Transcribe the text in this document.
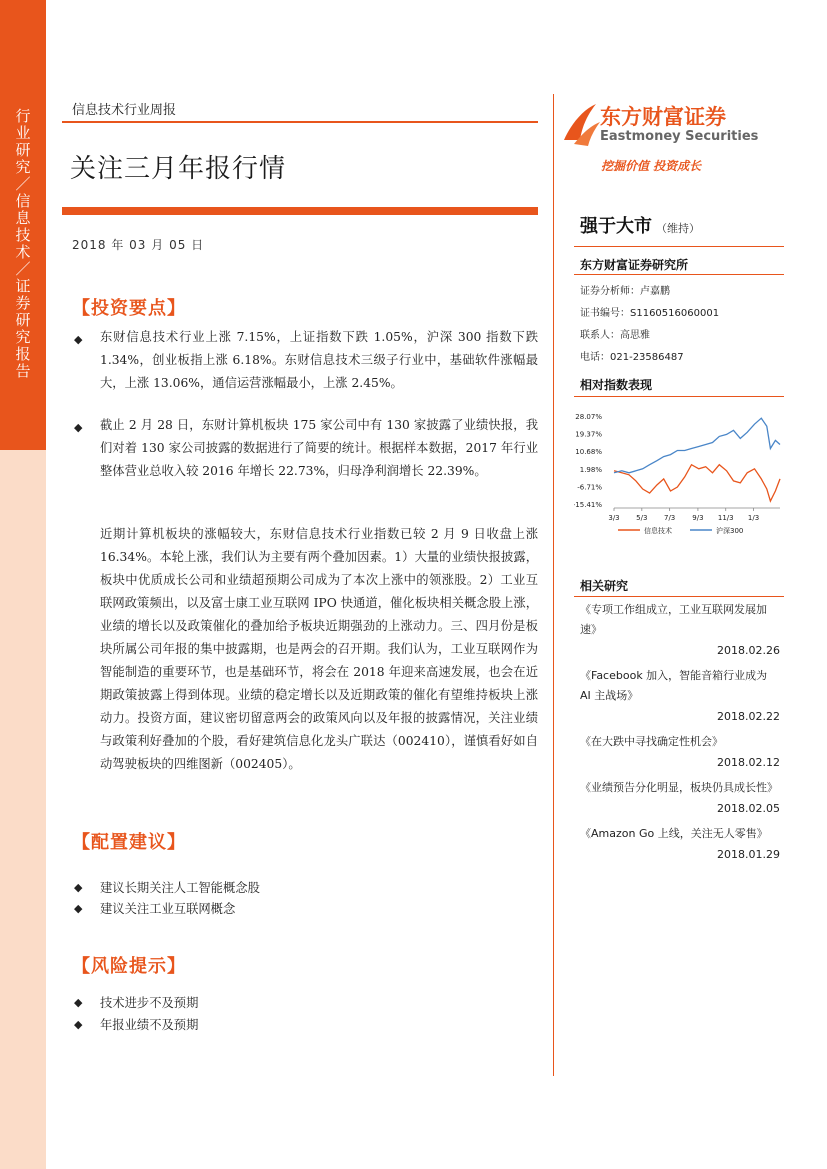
行
业
研
究
／
信
息
技
术
／
证
券
研
究
报
告
信息技术行业周报
关注三月年报行情
2018 年 03 月 05 日
东方财富证券
Eastmoney Securities
挖掘价值 投资成长
强于大市 （维持）
东方财富证券研究所
证券分析师：卢嘉鹏
证书编号：S1160516060001
联系人：高思雅
电话：021-23586487
相对指数表现
28.07%
19.37%
10.68%
1.98%
-6.71%
-15.41%
3/3 5/3 7/3 9/3 11/3 1/3
信息技术	沪深300
相关研究
《专项工作组成立，工业互联网发展加速》
2018.02.26
《Facebook 加入，智能音箱行业成为 AI 主战场》
2018.02.22
《在大跌中寻找确定性机会》
2018.02.12
《业绩预告分化明显，板块仍具成长性》
2018.02.05
《Amazon Go 上线，关注无人零售》
2018.01.29
【投资要点】
◆ 东财信息技术行业上涨 7.15%，上证指数下跌 1.05%，沪深 300 指数下跌 1.34%，创业板指上涨 6.18%。东财信息技术三级子行业中，基础软件涨幅最大，上涨 13.06%，通信运营涨幅最小，上涨 2.45%。
◆ 截止 2 月 28 日，东财计算机板块 175 家公司中有 130 家披露了业绩快报，我们对着 130 家公司披露的数据进行了简要的统计。根据样本数据，2017 年行业整体营业总收入较 2016 年增长 22.73%，归母净利润增长 22.39%。
近期计算机板块的涨幅较大，东财信息技术行业指数已较 2 月 9 日收盘上涨 16.34%。本轮上涨，我们认为主要有两个叠加因素。1）大量的业绩快报披露，板块中优质成长公司和业绩超预期公司成为了本次上涨中的领涨股。2）工业互联网政策频出，以及富士康工业互联网 IPO 快通道，催化板块相关概念股上涨，业绩的增长以及政策催化的叠加给予板块近期强劲的上涨动力。三、四月份是板块所属公司年报的集中披露期，也是两会的召开期。我们认为，工业互联网作为智能制造的重要环节，也是基础环节，将会在 2018 年迎来高速发展，也会在近期政策披露上得到体现。业绩的稳定增长以及近期政策的催化有望维持板块上涨动力。投资方面，建议密切留意两会的政策风向以及年报的披露情况，关注业绩与政策利好叠加的个股，看好建筑信息化龙头广联达（002410），谨慎看好如自动驾驶板块的四维图新（002405）。
【配置建议】
◆ 建议长期关注人工智能概念股
◆ 建议关注工业互联网概念
【风险提示】
◆ 技术进步不及预期
◆ 年报业绩不及预期
